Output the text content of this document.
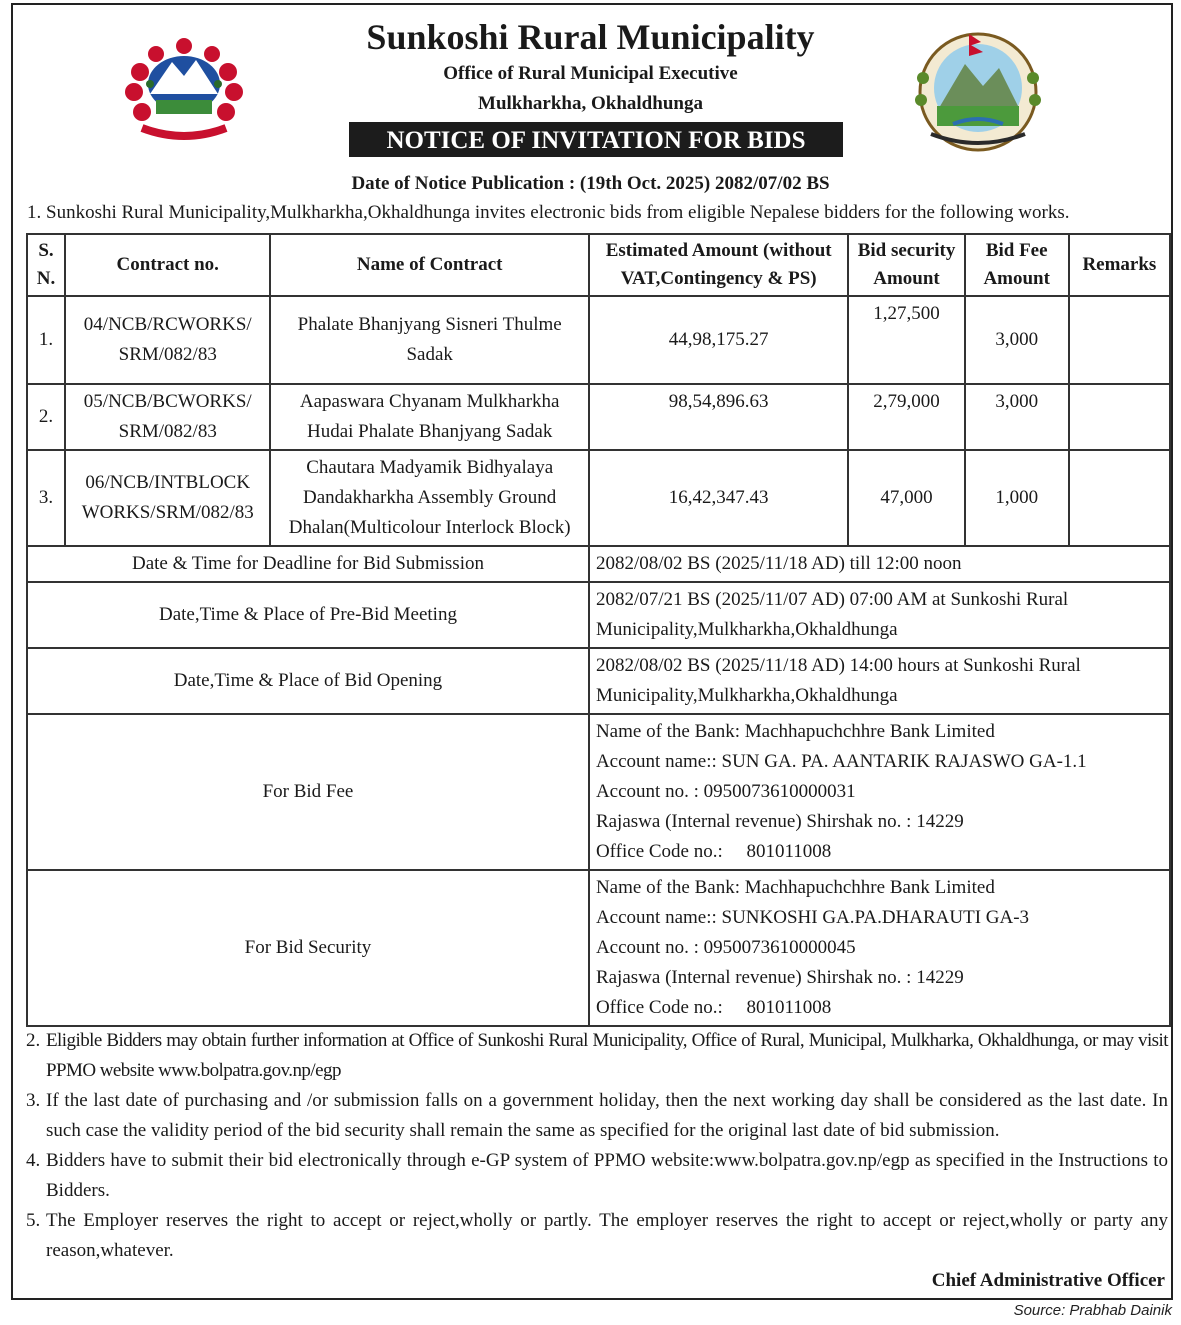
Sunkoshi Rural Municipality
Office of Rural Municipal Executive
Mulkharkha, Okhaldhunga
NOTICE OF INVITATION FOR BIDS
Date of Notice Publication : (19th Oct. 2025) 2082/07/02 BS
1. Sunkoshi Rural Municipality,Mulkharkha,Okhaldhunga invites electronic bids from eligible Nepalese bidders for the following works.
S. N.	Contract no.	Name of Contract	Estimated Amount (without VAT,Contingency & PS)	Bid security Amount	Bid Fee Amount	Remarks
1.	04/NCB/RCWORKS/ SRM/082/83	Phalate Bhanjyang Sisneri Thulme Sadak	44,98,175.27	1,27,500	3,000	
2.	05/NCB/BCWORKS/ SRM/082/83	Aapaswara Chyanam Mulkharkha Hudai Phalate Bhanjyang Sadak	98,54,896.63	2,79,000	3,000	
3.	06/NCB/INTBLOCK WORKS/SRM/082/83	Chautara Madyamik Bidhyalaya Dandakharkha Assembly Ground Dhalan(Multicolour Interlock Block)	16,42,347.43	47,000	1,000	
Date & Time for Deadline for Bid Submission			2082/08/02 BS (2025/11/18 AD) till 12:00 noon			
Date,Time & Place of Pre-Bid Meeting			2082/07/21 BS (2025/11/07 AD) 07:00 AM at Sunkoshi Rural Municipality,Mulkharkha,Okhaldhunga			
Date,Time & Place of Bid Opening			2082/08/02 BS (2025/11/18 AD) 14:00 hours at Sunkoshi Rural Municipality,Mulkharkha,Okhaldhunga			
For Bid Fee			Name of the Bank: Machhapuchchhre Bank Limited
Account name:: SUN GA. PA. AANTARIK RAJASWO GA-1.1
Account no. : 0950073610000031
Rajaswa (Internal revenue) Shirshak no. : 14229
Office Code no.:     801011008			

For Bid Security			Name of the Bank: Machhapuchchhre Bank Limited
Account name:: SUNKOSHI GA.PA.DHARAUTI GA-3
Account no. : 0950073610000045
Rajaswa (Internal revenue) Shirshak no. : 14229
Office Code no.:     801011008			
2. Eligible Bidders may obtain further information at Office of Sunkoshi Rural Municipality, Office of Rural, Municipal, Mulkharka, Okhaldhunga, or may visit PPMO website www.bolpatra.gov.np/egp
3. If the last date of purchasing and /or submission falls on a government holiday, then the next working day shall be considered as the last date. In such case the validity period of the bid security shall remain the same as specified for the original last date of bid submission.
4. Bidders have to submit their bid electronically through e-GP system of PPMO website:www.bolpatra.gov.np/egp as specified in the Instructions to Bidders.
5. The Employer reserves the right to accept or reject,wholly or partly. The employer reserves the right to accept or reject,wholly or party any reason,whatever.
Chief Administrative Officer
Source: Prabhab Dainik
